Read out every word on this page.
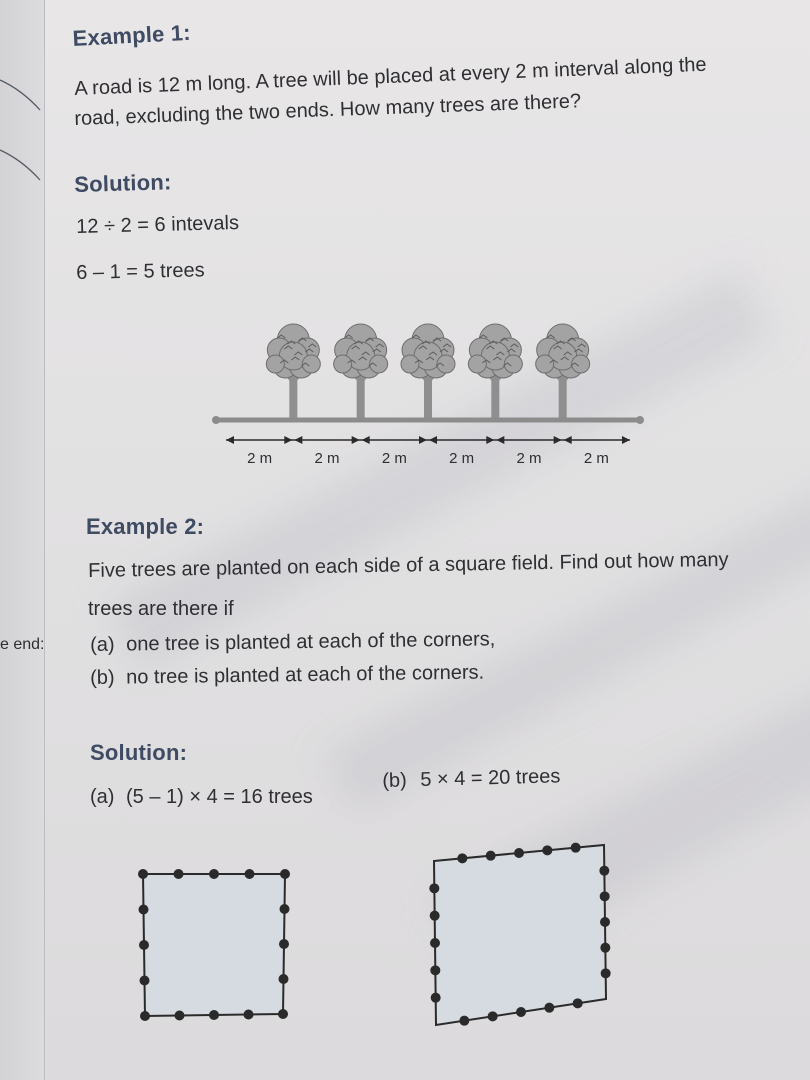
e end:
Example 1:
A road is 12 m long. A tree will be placed at every 2 m interval along the
road, excluding the two ends. How many trees are there?
Solution:
12 ÷ 2 = 6 intevals
6 – 1 = 5 trees
2 m	2 m	2 m	2 m	2 m	2 m
Example 2:
Five trees are planted on each side of a square field. Find out how many
trees are there if
(a) one tree is planted at each of the corners,
(b) no tree is planted at each of the corners.
Solution:
(a) (5 – 1) × 4 = 16 trees
(b) 5 × 4 = 20 trees
